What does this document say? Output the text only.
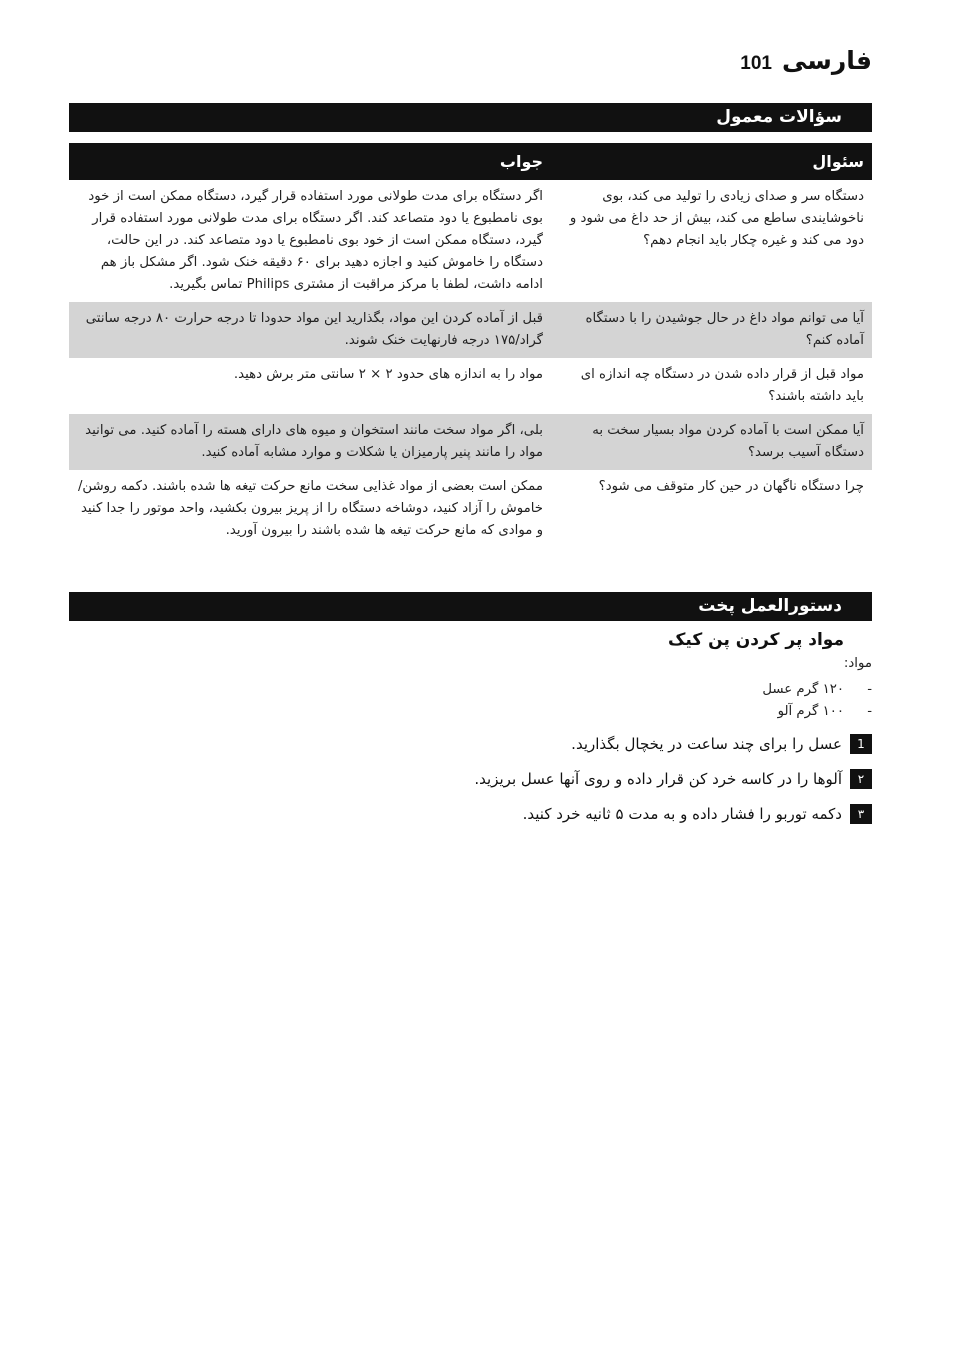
101 فارسی
سؤالات معمول
سئوال	جواب
دستگاه سر و صدای زیادی را تولید می کند، بوی ناخوشایندی ساطع می کند، بیش از حد داغ می شود و دود می کند و غیره چکار باید انجام دهم؟	اگر دستگاه برای مدت طولانی مورد استفاده قرار گیرد، دستگاه ممکن است از خود بوی نامطبوع یا دود متصاعد کند. اگر دستگاه برای مدت طولانی مورد استفاده قرار گیرد، دستگاه ممکن است از خود بوی نامطبوع یا دود متصاعد کند. در این حالت، دستگاه را خاموش کنید و اجازه دهید برای ۶۰ دقیقه خنک شود. اگر مشکل باز هم ادامه داشت، لطفا با مرکز مراقبت از مشتری Philips تماس بگیرید.
آیا می توانم مواد داغ در حال جوشیدن را با دستگاه آماده کنم؟	قبل از آماده کردن این مواد، بگذارید این مواد حدودا تا درجه حرارت ۸۰ درجه سانتی گراد/۱۷۵ درجه فارنهایت خنک شوند.
مواد قبل از قرار داده شدن در دستگاه چه اندازه ای باید داشته باشند؟	مواد را به اندازه های حدود ۲ × ۲ سانتی متر برش دهید.
آیا ممکن است با آماده کردن مواد بسیار سخت به دستگاه آسیب برسد؟	بلی، اگر مواد سخت مانند استخوان و میوه های دارای هسته را آماده کنید. می توانید مواد را مانند پنیر پارمیزان یا شکلات و موارد مشابه آماده کنید.
چرا دستگاه ناگهان در حین کار متوقف می شود؟	ممکن است بعضی از مواد غذایی سخت مانع حرکت تیغه ها شده باشند. دکمه روشن/خاموش را آزاد کنید، دوشاخه دستگاه را از پریز بیرون بکشید، واحد موتور را جدا کنید و موادی که مانع حرکت تیغه ها شده باشند را بیرون آورید.
دستورالعمل پخت
مواد پر کردن پن کیک
مواد:
-
۱۲۰ گرم عسل
-
۱۰۰ گرم آلو
1
عسل را برای چند ساعت در یخچال بگذارید.
۲
آلوها را در کاسه خرد کن قرار داده و روی آنها عسل بریزید.
۳
دکمه توربو را فشار داده و به مدت ۵ ثانیه خرد کنید.
